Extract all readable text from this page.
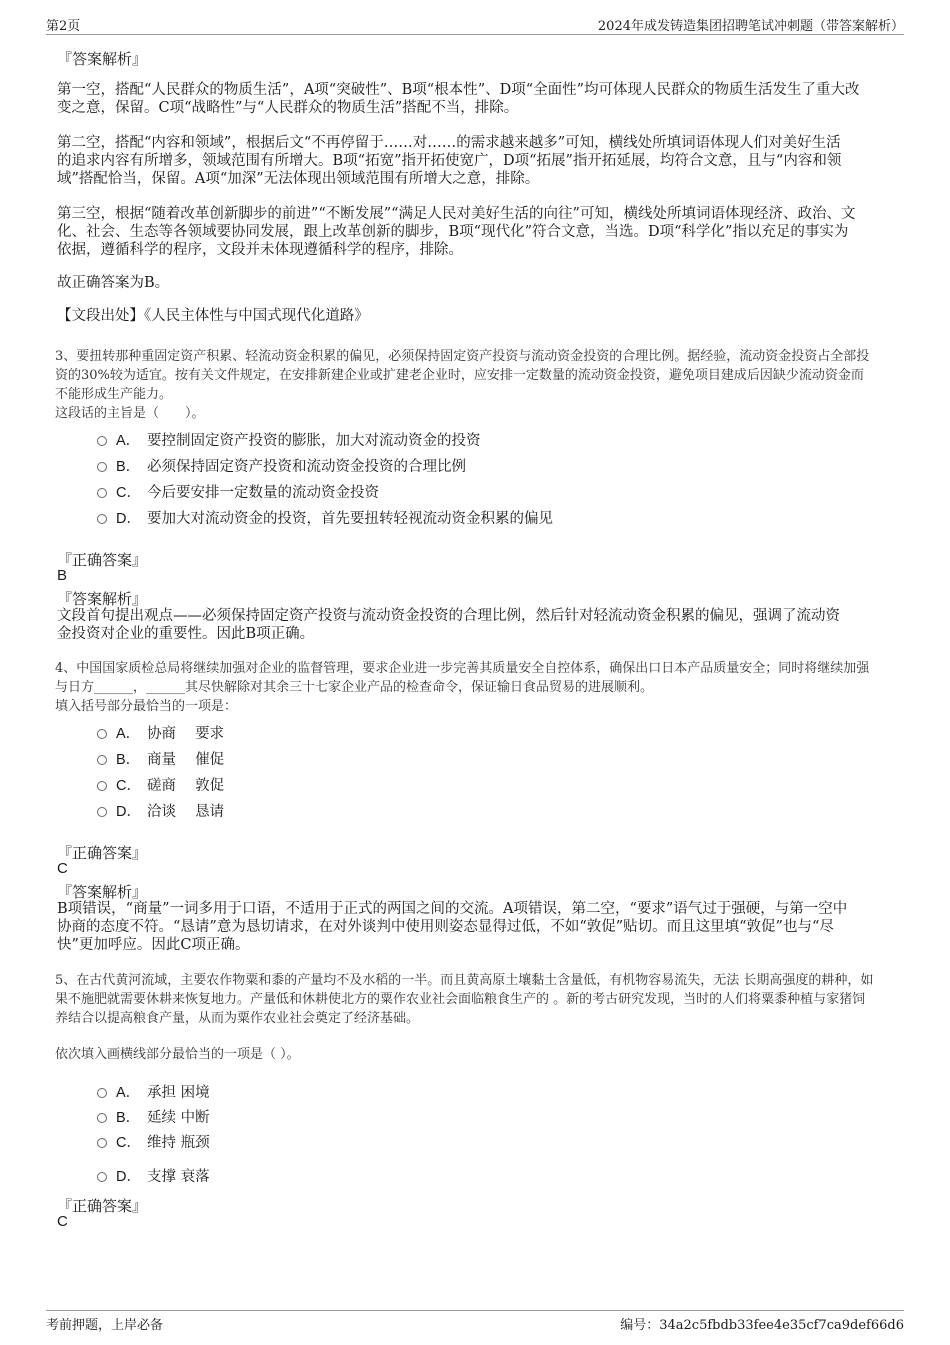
第2页	2024年成发铸造集团招聘笔试冲刺题（带答案解析）
『答案解析』
第一空，搭配“人民群众的物质生活”，A项“突破性”、B项“根本性”、D项“全面性”均可体现人民群众的物质生活发生了重大改
变之意，保留。C项“战略性”与“人民群众的物质生活”搭配不当，排除。
第二空，搭配“内容和领域”，根据后文“不再停留于……对……的需求越来越多”可知，横线处所填词语体现人们对美好生活
的追求内容有所增多，领域范围有所增大。B项“拓宽”指开拓使宽广，D项“拓展”指开拓延展，均符合文意，且与“内容和领
域”搭配恰当，保留。A项“加深”无法体现出领域范围有所增大之意，排除。
第三空，根据“随着改革创新脚步的前进”“不断发展”“满足人民对美好生活的向往”可知，横线处所填词语体现经济、政治、文
化、社会、生态等各领域要协同发展，跟上改革创新的脚步，B项“现代化”符合文意，当选。D项“科学化”指以充足的事实为
依据，遵循科学的程序，文段并未体现遵循科学的程序，排除。
故正确答案为B。
【文段出处】《人民主体性与中国式现代化道路》
3、要扭转那种重固定资产积累、轻流动资金积累的偏见，必须保持固定资产投资与流动资金投资的合理比例。据经验，流动资金投资占全部投
资的30%较为适宜。按有关文件规定，在安排新建企业或扩建老企业时，应安排一定数量的流动资金投资，避免项目建成后因缺少流动资金而
不能形成生产能力。
这段话的主旨是（　　）。
A． 要控制固定资产投资的膨胀，加大对流动资金的投资
B． 必须保持固定资产投资和流动资金投资的合理比例
C． 今后要安排一定数量的流动资金投资
D． 要加大对流动资金的投资，首先要扭转轻视流动资金积累的偏见
『正确答案』
B
『答案解析』
文段首句提出观点——必须保持固定资产投资与流动资金投资的合理比例，然后针对轻流动资金积累的偏见，强调了流动资
金投资对企业的重要性。因此B项正确。
4、中国国家质检总局将继续加强对企业的监督管理，要求企业进一步完善其质量安全自控体系，确保出口日本产品质量安全；同时将继续加强
与日方______，______其尽快解除对其余三十七家企业产品的检查命令，保证输日食品贸易的进展顺利。
填入括号部分最恰当的一项是：
A． 协商　 要求
B． 商量　 催促
C． 磋商　 敦促
D． 洽谈　 恳请
『正确答案』
C
『答案解析』
B项错误，“商量”一词多用于口语，不适用于正式的两国之间的交流。A项错误，第二空，“要求”语气过于强硬，与第一空中
协商的态度不符。“恳请”意为恳切请求，在对外谈判中使用则姿态显得过低，不如“敦促”贴切。而且这里填“敦促”也与“尽
快”更加呼应。因此C项正确。
5、在古代黄河流域，主要农作物粟和黍的产量均不及水稻的一半。而且黄高原土壤黏土含量低，有机物容易流失，无法 长期高强度的耕种，如
果不施肥就需要休耕来恢复地力。产量低和休耕使北方的粟作农业社会面临粮食生产的 。新的考古研究发现，当时的人们将粟黍种植与家猪饲
养结合以提高粮食产量，从而为粟作农业社会奠定了经济基础。
依次填入画横线部分最恰当的一项是（ ）。
A． 承担 困境
B． 延续 中断
C． 维持 瓶颈
D． 支撑 衰落
『正确答案』
C
考前押题，上岸必备	编号：34a2c5fbdb33fee4e35cf7ca9def66d6
